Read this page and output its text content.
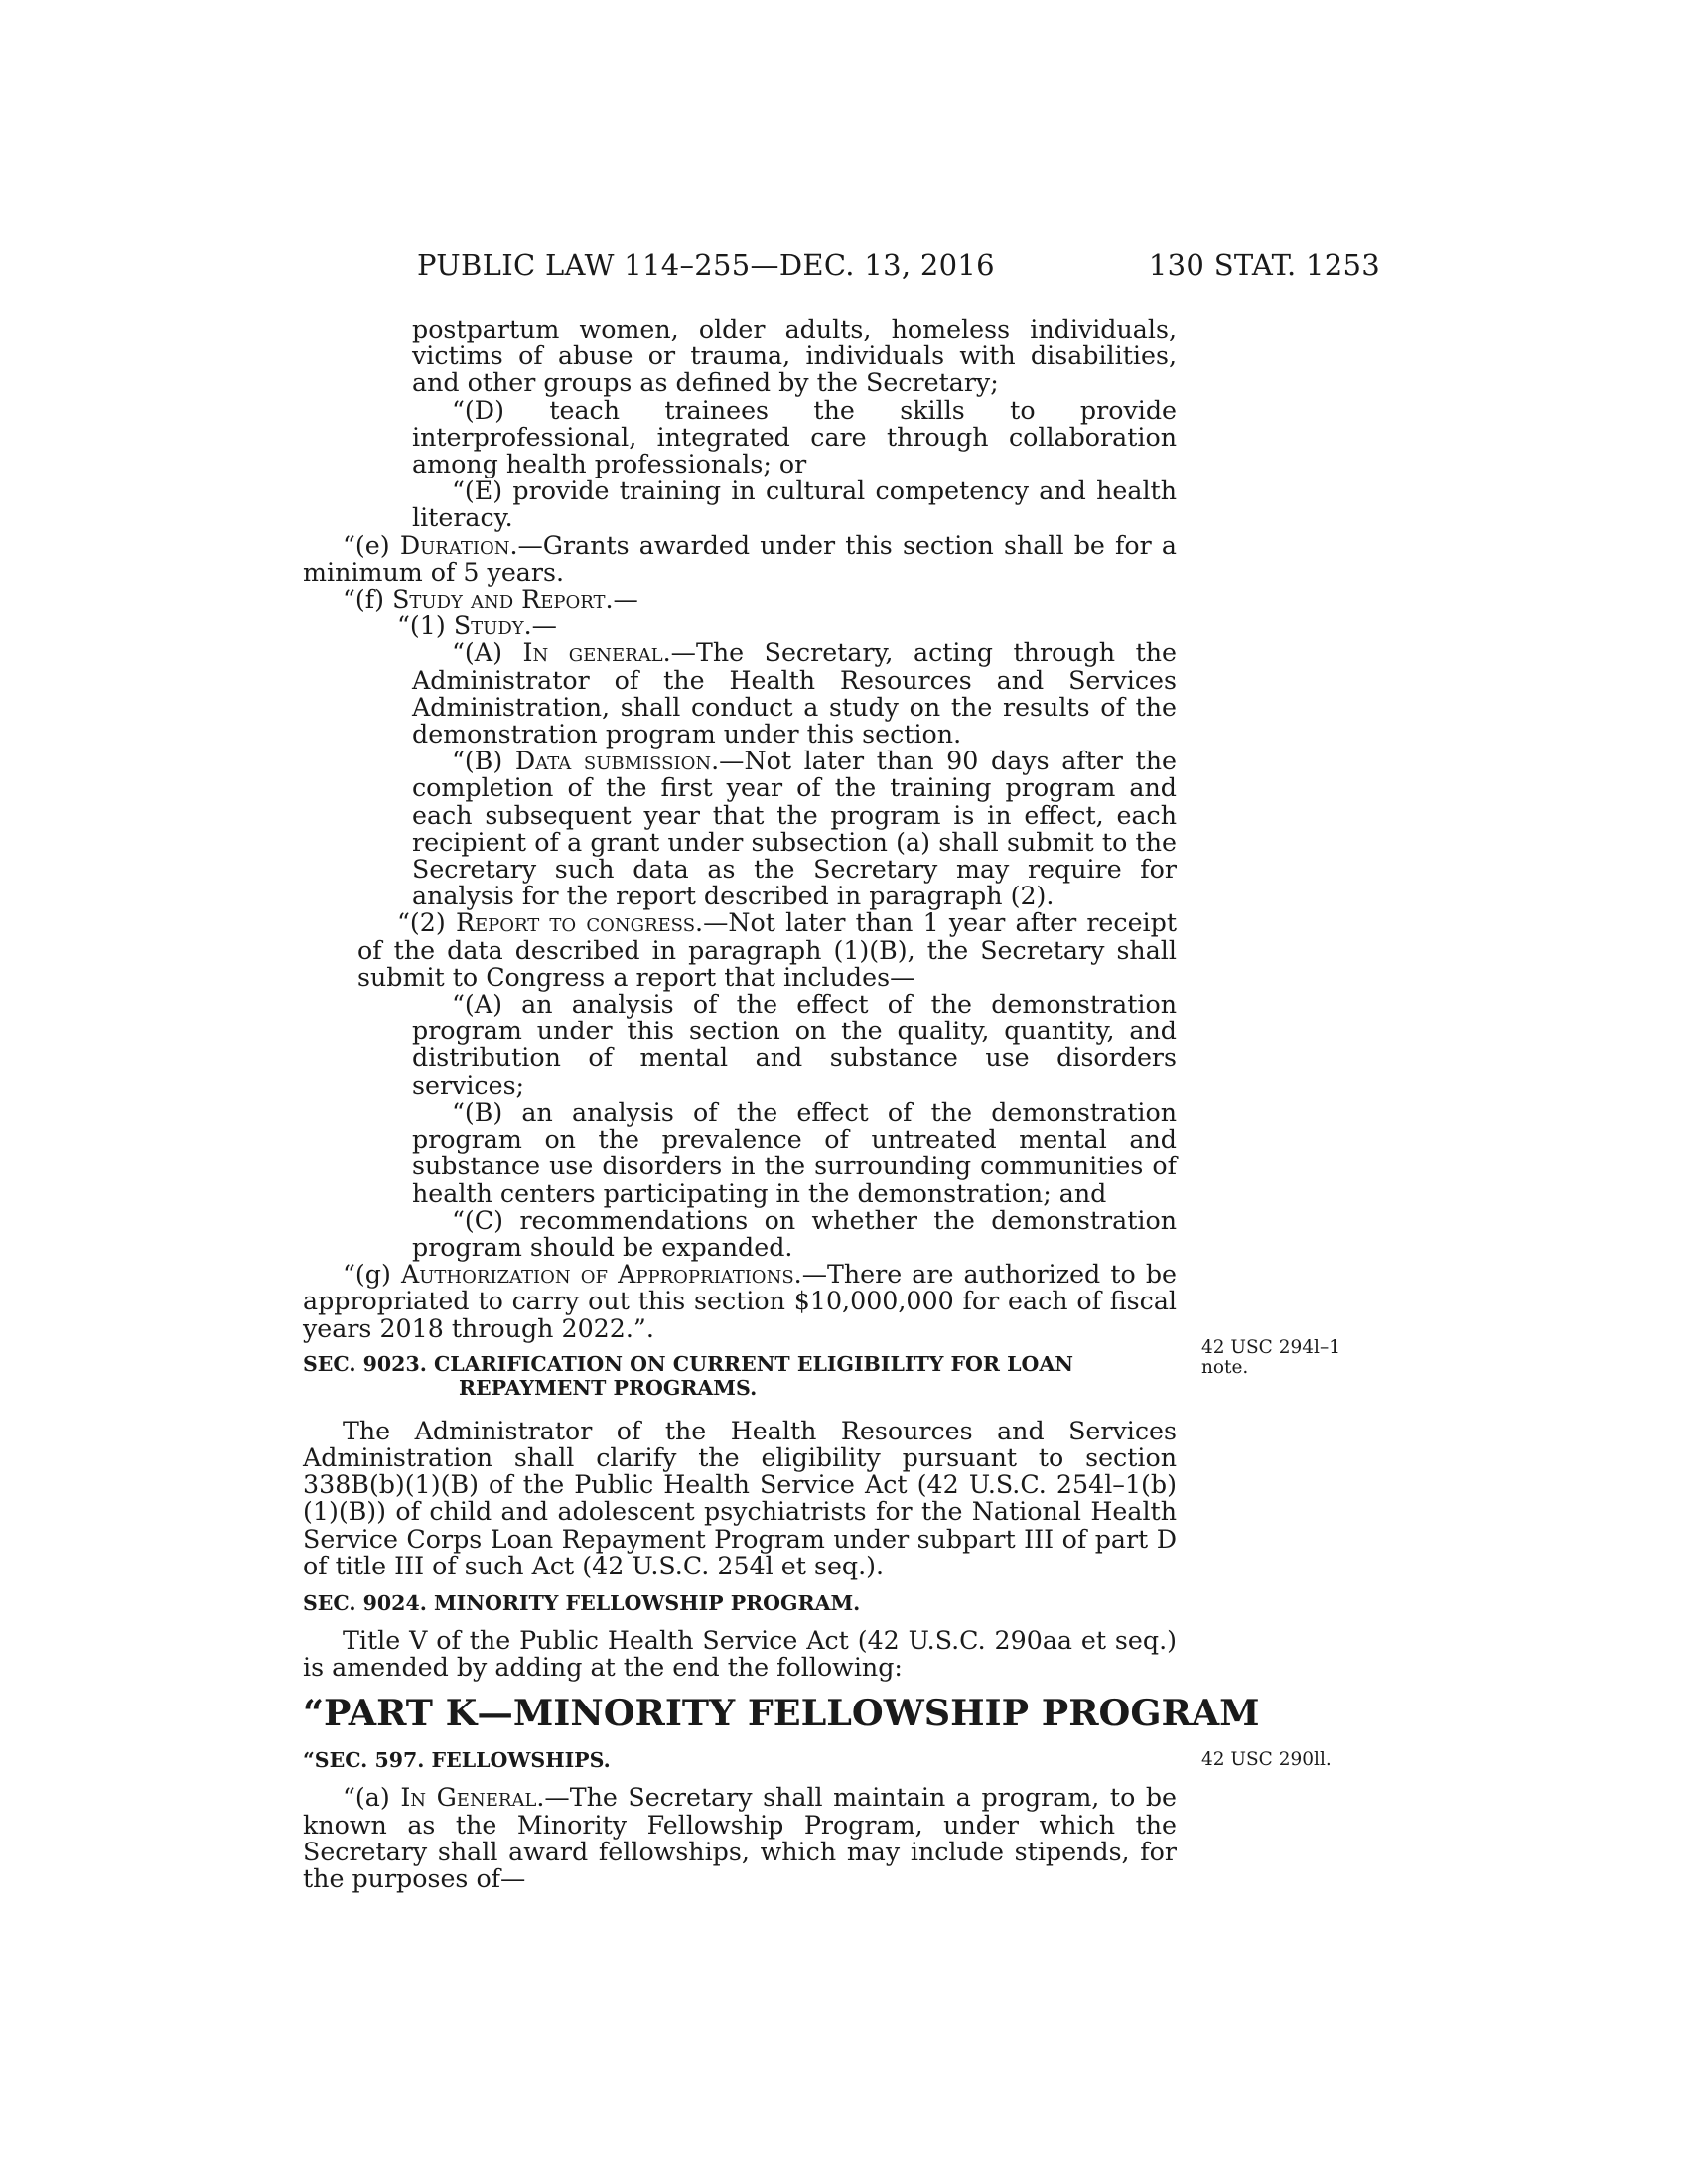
PUBLIC LAW 114–255—DEC. 13, 2016	130 STAT. 1253

postpartum women, older adults, homeless individuals, victims of abuse or trauma, individuals with disabilities, and other groups as defined by the Secretary;

“(D) teach trainees the skills to provide interprofessional, integrated care through collaboration among health professionals; or

“(E) provide training in cultural competency and health literacy.

“(e) Duration.—Grants awarded under this section shall be for a minimum of 5 years.

“(f) Study and Report.—

“(1) Study.—

“(A) In general.—The Secretary, acting through the Administrator of the Health Resources and Services Administration, shall conduct a study on the results of the demonstration program under this section.

“(B) Data submission.—Not later than 90 days after the completion of the first year of the training program and each subsequent year that the program is in effect, each recipient of a grant under subsection (a) shall submit to the Secretary such data as the Secretary may require for analysis for the report described in paragraph (2).

“(2) Report to congress.—Not later than 1 year after receipt of the data described in paragraph (1)(B), the Secretary shall submit to Congress a report that includes—

“(A) an analysis of the effect of the demonstration program under this section on the quality, quantity, and distribution of mental and substance use disorders services;

“(B) an analysis of the effect of the demonstration program on the prevalence of untreated mental and substance use disorders in the surrounding communities of health centers participating in the demonstration; and

“(C) recommendations on whether the demonstration program should be expanded.

“(g) Authorization of Appropriations.—There are authorized to be appropriated to carry out this section $10,000,000 for each of fiscal years 2018 through 2022.”.

SEC. 9023. CLARIFICATION ON CURRENT ELIGIBILITY FOR LOAN
REPAYMENT PROGRAMS.

The Administrator of the Health Resources and Services Administration shall clarify the eligibility pursuant to section 338B(b)(1)(B) of the Public Health Service Act (42 U.S.C. 254l–1(b)(1)(B)) of child and adolescent psychiatrists for the National Health Service Corps Loan Repayment Program under subpart III of part D of title III of such Act (42 U.S.C. 254l et seq.).

SEC. 9024. MINORITY FELLOWSHIP PROGRAM.

Title V of the Public Health Service Act (42 U.S.C. 290aa et seq.) is amended by adding at the end the following:

“PART K—MINORITY FELLOWSHIP PROGRAM

“SEC. 597. FELLOWSHIPS.

“(a) In General.—The Secretary shall maintain a program, to be known as the Minority Fellowship Program, under which the Secretary shall award fellowships, which may include stipends, for the purposes of—

42 USC 294l–1
note.
42 USC 290ll.
